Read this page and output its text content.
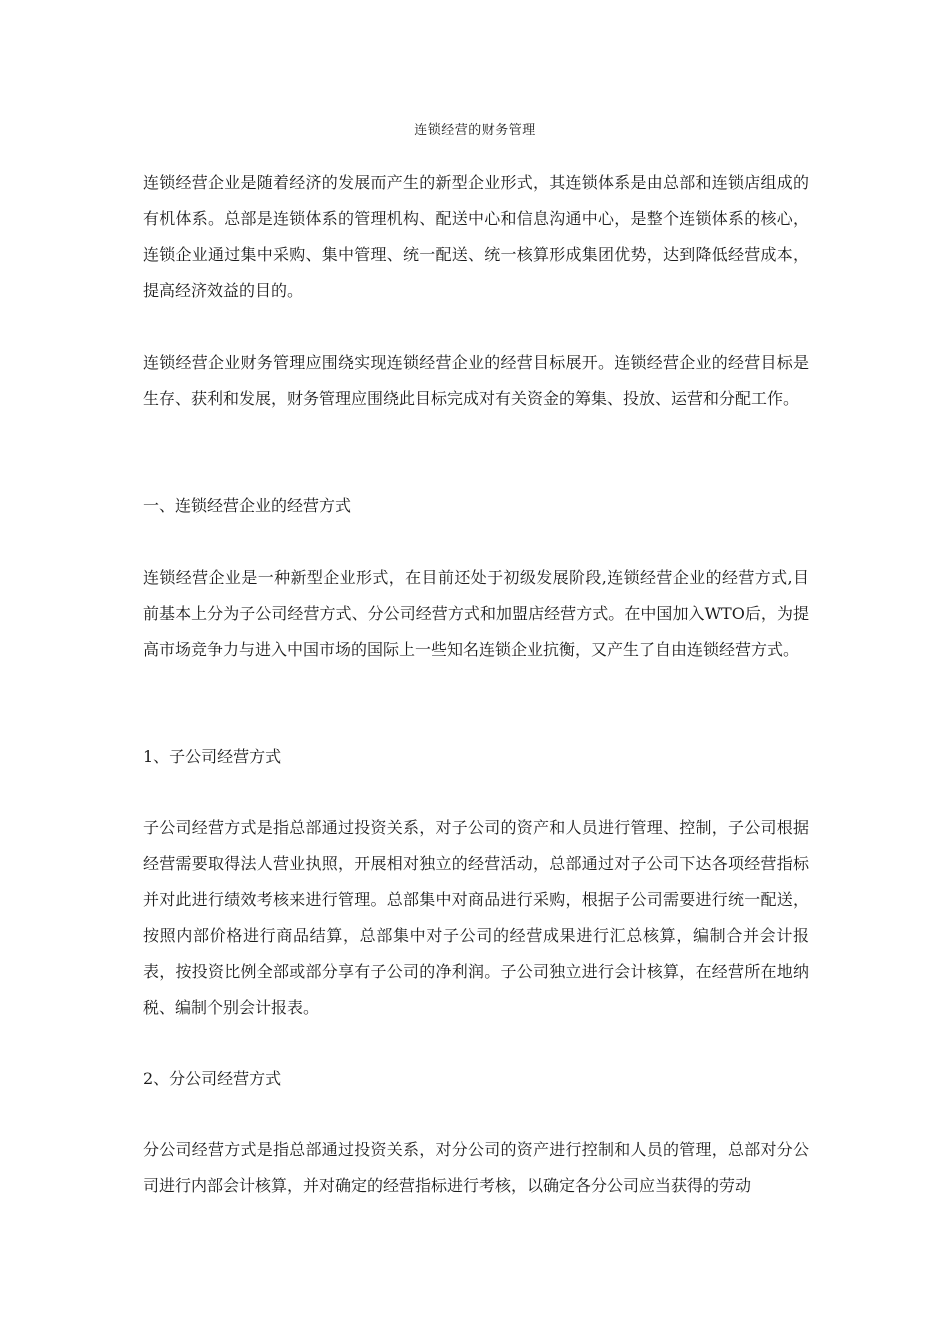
连锁经营的财务管理

连锁经营企业是随着经济的发展而产生的新型企业形式，其连锁体系是由总部和连锁店组成的有机体系。总部是连锁体系的管理机构、配送中心和信息沟通中心，是整个连锁体系的核心，连锁企业通过集中采购、集中管理、统一配送、统一核算形成集团优势，达到降低经营成本，提高经济效益的目的。

连锁经营企业财务管理应围绕实现连锁经营企业的经营目标展开。连锁经营企业的经营目标是生存、获利和发展，财务管理应围绕此目标完成对有关资金的筹集、投放、运营和分配工作。

一、连锁经营企业的经营方式

连锁经营企业是一种新型企业形式，在目前还处于初级发展阶段,连锁经营企业的经营方式,目前基本上分为子公司经营方式、分公司经营方式和加盟店经营方式。在中国加入WTO后，为提高市场竞争力与进入中国市场的国际上一些知名连锁企业抗衡，又产生了自由连锁经营方式。

1、子公司经营方式

子公司经营方式是指总部通过投资关系，对子公司的资产和人员进行管理、控制，子公司根据经营需要取得法人营业执照，开展相对独立的经营活动，总部通过对子公司下达各项经营指标并对此进行绩效考核来进行管理。总部集中对商品进行采购，根据子公司需要进行统一配送，按照内部价格进行商品结算，总部集中对子公司的经营成果进行汇总核算，编制合并会计报表，按投资比例全部或部分享有子公司的净利润。子公司独立进行会计核算，在经营所在地纳税、编制个别会计报表。

2、分公司经营方式

分公司经营方式是指总部通过投资关系，对分公司的资产进行控制和人员的管理，总部对分公司进行内部会计核算，并对确定的经营指标进行考核，以确定各分公司应当获得的劳动
